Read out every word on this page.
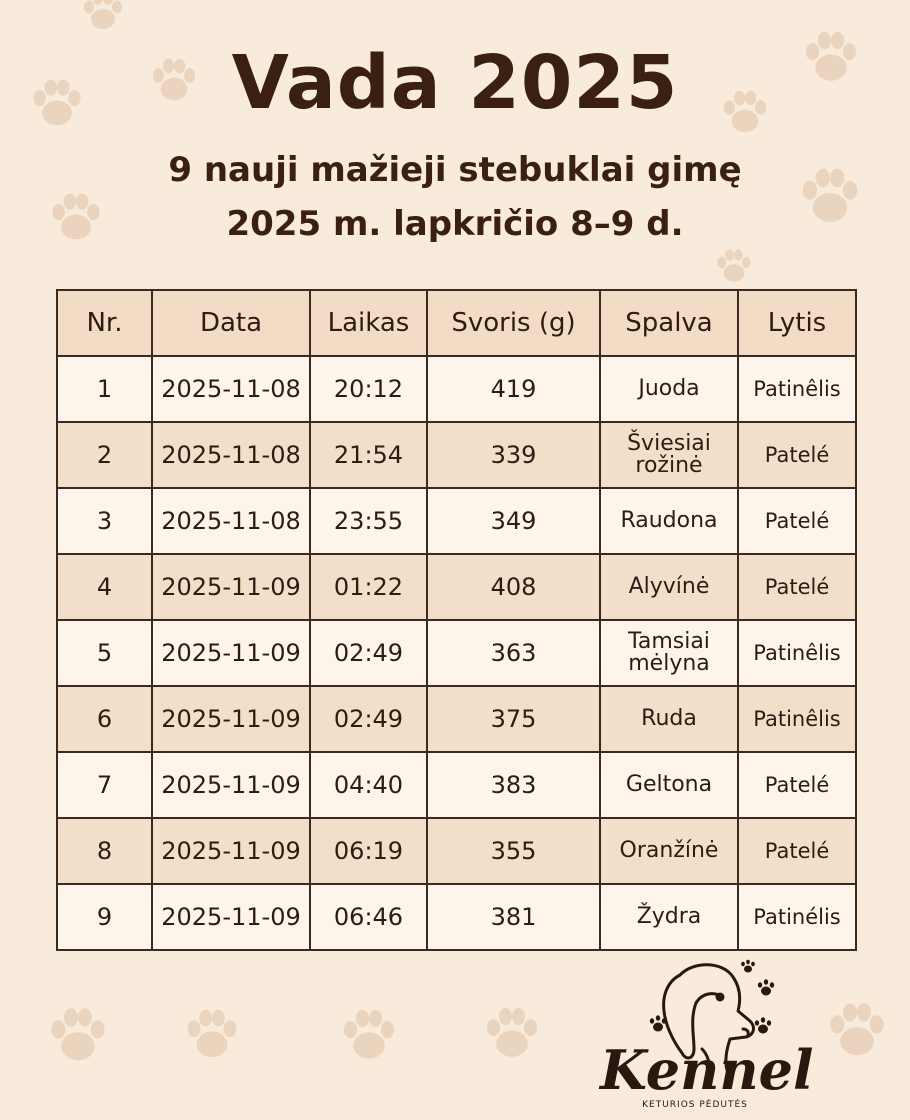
Vada 2025
9 nauji mažieji stebuklai gimę
2025 m. lapkričio 8–9 d.
Nr.	Data	Laikas	Svoris (g)	Spalva	Lytis
1	2025-11-08	20:12	419	Juoda	Patinêlis
2	2025-11-08	21:54	339	Šviesiai rožinė	Patelé
3	2025-11-08	23:55	349	Raudona	Patelé
4	2025-11-09	01:22	408	Alyvínė	Patelé
5	2025-11-09	02:49	363	Tamsiai mėlyna	Patinêlis
6	2025-11-09	02:49	375	Ruda	Patinêlis
7	2025-11-09	04:40	383	Geltona	Patelé
8	2025-11-09	06:19	355	Oranžínė	Patelé
9	2025-11-09	06:46	381	Žydra	Patinélis
Kennel
KETURIOS PĖDUTĖS
